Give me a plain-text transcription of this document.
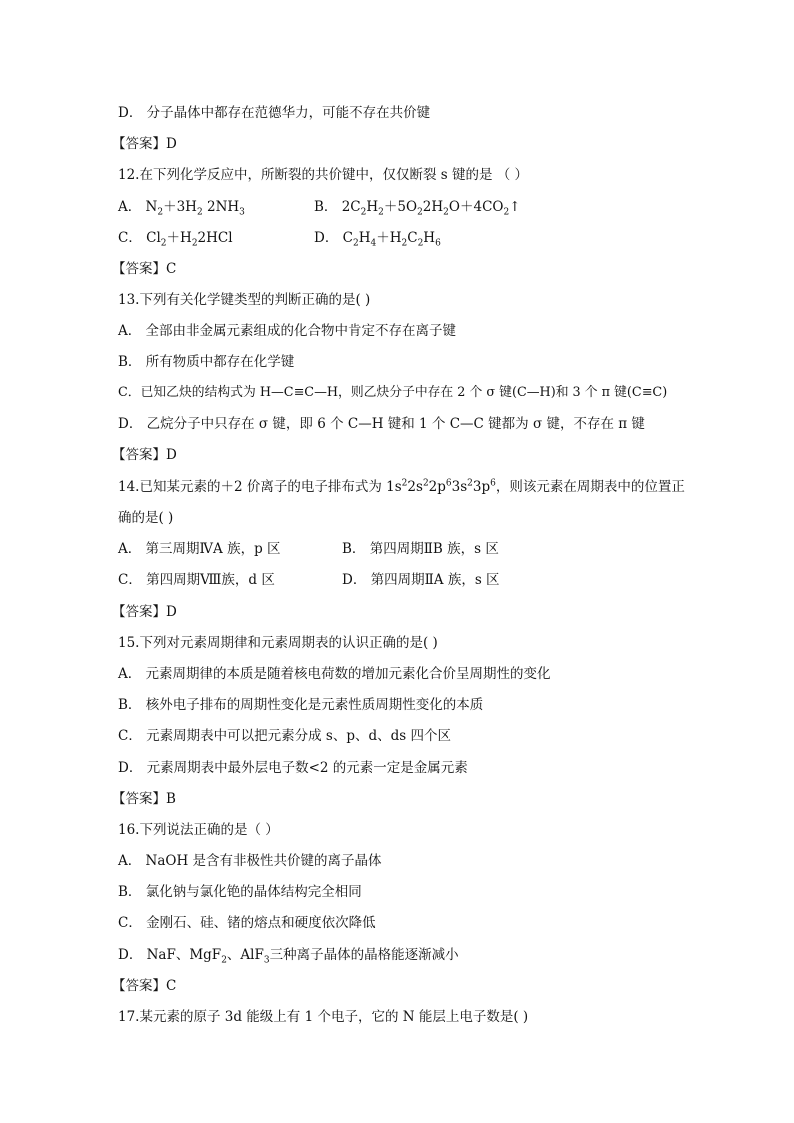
D． 分子晶体中都存在范德华力，可能不存在共价键
【答案】D
12.在下列化学反应中，所断裂的共价键中，仅仅断裂 s 键的是 （ ）
A． $N_2+3H_2$ $2NH_3$	B． $2C_2H_2+5O_22H_2O+4CO_2↑$
C． $Cl_2+H_22HCl$	D． $C_2H_4+H_2C_2H_6$
【答案】C
13.下列有关化学键类型的判断正确的是( )
A． 全部由非金属元素组成的化合物中肯定不存在离子键
B． 所有物质中都存在化学键
C．已知乙炔的结构式为 H—C≡C—H，则乙炔分子中存在 2 个 σ 键(C—H)和 3 个 π 键(C≡C)
D． 乙烷分子中只存在 σ 键，即 6 个 C—H 键和 1 个 C—C 键都为 σ 键，不存在 π 键
【答案】D
14.已知某元素的＋2 价离子的电子排布式为 $1s^22s^22p^63s^23p^6$，则该元素在周期表中的位置正
确的是( )
A． 第三周期ⅣA 族，p 区	B． 第四周期ⅡB 族，s 区
C． 第四周期Ⅷ族，d 区	D． 第四周期ⅡA 族，s 区
【答案】D
15.下列对元素周期律和元素周期表的认识正确的是( )
A． 元素周期律的本质是随着核电荷数的增加元素化合价呈周期性的变化
B． 核外电子排布的周期性变化是元素性质周期性变化的本质
C． 元素周期表中可以把元素分成 s、p、d、ds 四个区
D． 元素周期表中最外层电子数<2 的元素一定是金属元素
【答案】B
16.下列说法正确的是（ ）
A． NaOH 是含有非极性共价键的离子晶体
B． 氯化钠与氯化铯的晶体结构完全相同
C． 金刚石、硅、锗的熔点和硬度依次降低
D． NaF、MgF$_2$、AlF$_3$三种离子晶体的晶格能逐渐减小
【答案】C
17.某元素的原子 3d 能级上有 1 个电子，它的 N 能层上电子数是( )
